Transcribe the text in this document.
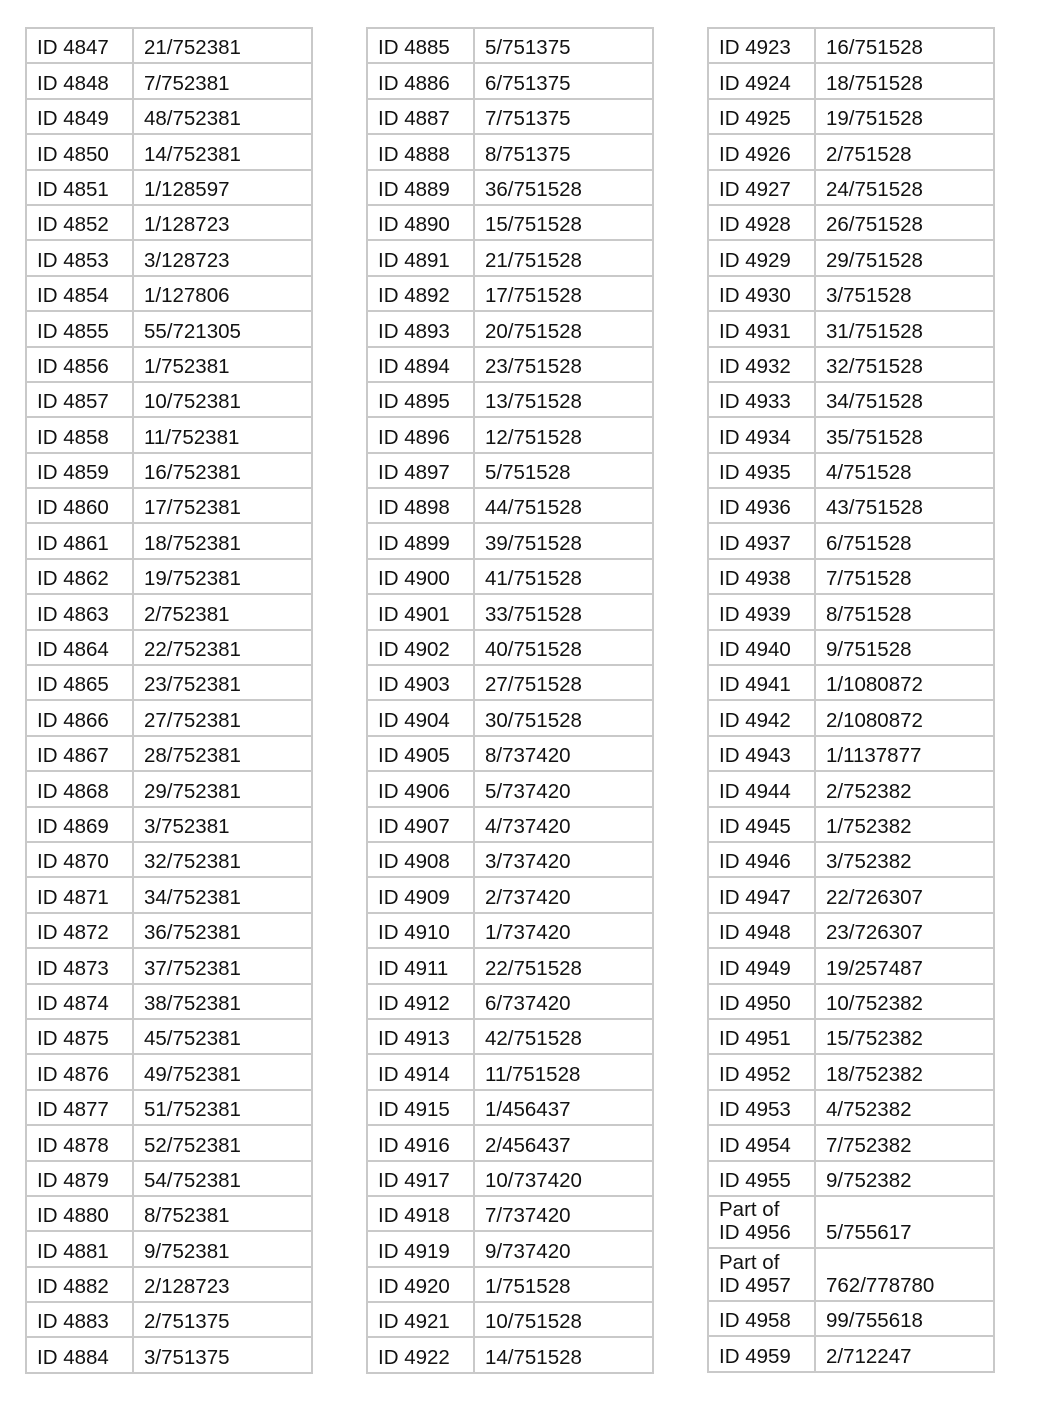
ID 4847	21/752381

ID 4848	7/752381

ID 4849	48/752381

ID 4850	14/752381

ID 4851	1/128597

ID 4852	1/128723

ID 4853	3/128723

ID 4854	1/127806

ID 4855	55/721305

ID 4856	1/752381

ID 4857	10/752381

ID 4858	11/752381

ID 4859	16/752381

ID 4860	17/752381

ID 4861	18/752381

ID 4862	19/752381

ID 4863	2/752381

ID 4864	22/752381

ID 4865	23/752381

ID 4866	27/752381

ID 4867	28/752381

ID 4868	29/752381

ID 4869	3/752381

ID 4870	32/752381

ID 4871	34/752381

ID 4872	36/752381

ID 4873	37/752381

ID 4874	38/752381

ID 4875	45/752381

ID 4876	49/752381

ID 4877	51/752381

ID 4878	52/752381

ID 4879	54/752381

ID 4880	8/752381

ID 4881	9/752381

ID 4882	2/128723

ID 4883	2/751375

ID 4884	3/751375
ID 4885	5/751375

ID 4886	6/751375

ID 4887	7/751375

ID 4888	8/751375

ID 4889	36/751528

ID 4890	15/751528

ID 4891	21/751528

ID 4892	17/751528

ID 4893	20/751528

ID 4894	23/751528

ID 4895	13/751528

ID 4896	12/751528

ID 4897	5/751528

ID 4898	44/751528

ID 4899	39/751528

ID 4900	41/751528

ID 4901	33/751528

ID 4902	40/751528

ID 4903	27/751528

ID 4904	30/751528

ID 4905	8/737420

ID 4906	5/737420

ID 4907	4/737420

ID 4908	3/737420

ID 4909	2/737420

ID 4910	1/737420

ID 4911	22/751528

ID 4912	6/737420

ID 4913	42/751528

ID 4914	11/751528

ID 4915	1/456437

ID 4916	2/456437

ID 4917	10/737420

ID 4918	7/737420

ID 4919	9/737420

ID 4920	1/751528

ID 4921	10/751528

ID 4922	14/751528
ID 4923	16/751528

ID 4924	18/751528

ID 4925	19/751528

ID 4926	2/751528

ID 4927	24/751528

ID 4928	26/751528

ID 4929	29/751528

ID 4930	3/751528

ID 4931	31/751528

ID 4932	32/751528

ID 4933	34/751528

ID 4934	35/751528

ID 4935	4/751528

ID 4936	43/751528

ID 4937	6/751528

ID 4938	7/751528

ID 4939	8/751528

ID 4940	9/751528

ID 4941	1/1080872

ID 4942	2/1080872

ID 4943	1/1137877

ID 4944	2/752382

ID 4945	1/752382

ID 4946	3/752382

ID 4947	22/726307

ID 4948	23/726307

ID 4949	19/257487

ID 4950	10/752382

ID 4951	15/752382

ID 4952	18/752382

ID 4953	4/752382

ID 4954	7/752382

ID 4955	9/752382

Part of
ID 4956	5/755617

Part of
ID 4957	762/778780

ID 4958	99/755618

ID 4959	2/712247
